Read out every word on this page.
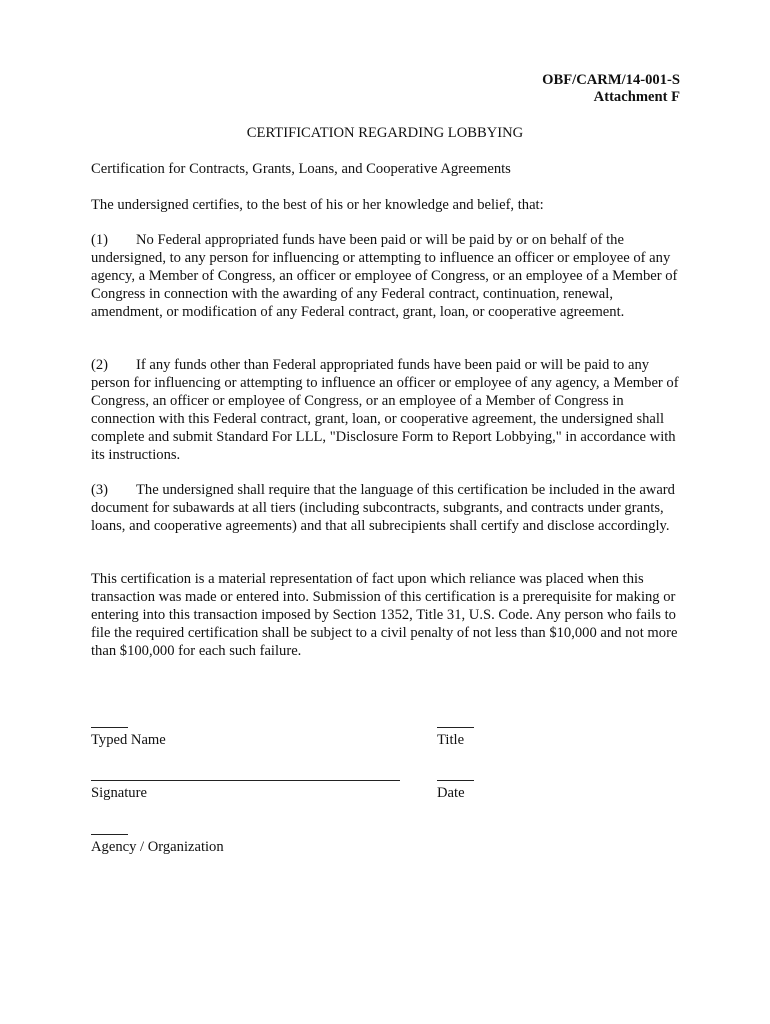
OBF/CARM/14-001-S
Attachment F
CERTIFICATION REGARDING LOBBYING

Certification for Contracts, Grants, Loans, and Cooperative Agreements

The undersigned certifies, to the best of his or her knowledge and belief, that:

(1) No Federal appropriated funds have been paid or will be paid by or on behalf of the undersigned, to any person for influencing or attempting to influence an officer or employee of any agency, a Member of Congress, an officer or employee of Congress, or an employee of a Member of Congress in connection with the awarding of any Federal contract, continuation, renewal, amendment, or modification of any Federal contract, grant, loan, or cooperative agreement.

(2) If any funds other than Federal appropriated funds have been paid or will be paid to any person for influencing or attempting to influence an officer or employee of any agency, a Member of Congress, an officer or employee of Congress, or an employee of a Member of Congress in connection with this Federal contract, grant, loan, or cooperative agreement, the undersigned shall complete and submit Standard For LLL, "Disclosure Form to Report Lobbying," in accordance with its instructions.

(3) The undersigned shall require that the language of this certification be included in the award document for subawards at all tiers (including subcontracts, subgrants, and contracts under grants, loans, and cooperative agreements) and that all subrecipients shall certify and disclose accordingly.

This certification is a material representation of fact upon which reliance was placed when this transaction was made or entered into. Submission of this certification is a prerequisite for making or entering into this transaction imposed by Section 1352, Title 31, U.S. Code. Any person who fails to file the required certification shall be subject to a civil penalty of not less than $10,000 and not more than $100,000 for each such failure.

Typed Name	Title
Signature	Date
Agency / Organization
